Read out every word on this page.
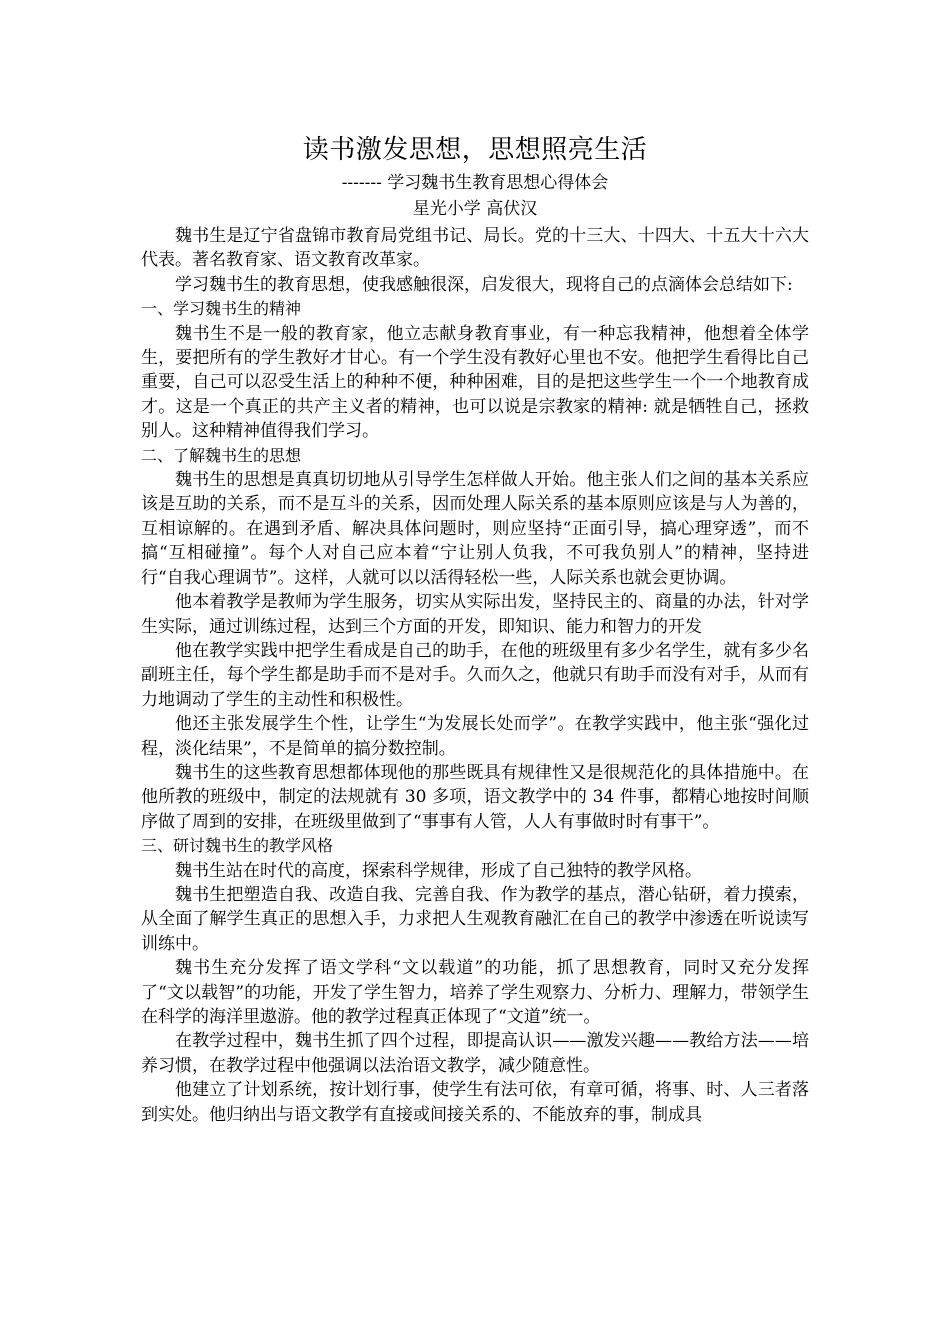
读书激发思想，思想照亮生活

------- 学习魏书生教育思想心得体会

星光小学 高伏汉

魏书生是辽宁省盘锦市教育局党组书记、局长。党的十三大、十四大、十五大十六大代表。著名教育家、语文教育改革家。

学习魏书生的教育思想，使我感触很深，启发很大，现将自己的点滴体会总结如下:

一、学习魏书生的精神

魏书生不是一般的教育家，他立志献身教育事业，有一种忘我精神，他想着全体学生，要把所有的学生教好才甘心。有一个学生没有教好心里也不安。他把学生看得比自己重要，自己可以忍受生活上的种种不便，种种困难，目的是把这些学生一个一个地教育成才。这是一个真正的共产主义者的精神，也可以说是宗教家的精神: 就是牺牲自己，拯救别人。这种精神值得我们学习。

二、了解魏书生的思想

魏书生的思想是真真切切地从引导学生怎样做人开始。他主张人们之间的基本关系应该是互助的关系，而不是互斗的关系，因而处理人际关系的基本原则应该是与人为善的，互相谅解的。在遇到矛盾、解决具体问题时，则应坚持“正面引导，搞心理穿透”，而不搞“互相碰撞”。每个人对自己应本着“宁让别人负我，不可我负别人”的精神，坚持进行“自我心理调节”。这样，人就可以以活得轻松一些，人际关系也就会更协调。

他本着教学是教师为学生服务，切实从实际出发，坚持民主的、商量的办法，针对学生实际，通过训练过程，达到三个方面的开发，即知识、能力和智力的开发

他在教学实践中把学生看成是自己的助手，在他的班级里有多少名学生，就有多少名副班主任，每个学生都是助手而不是对手。久而久之，他就只有助手而没有对手，从而有力地调动了学生的主动性和积极性。

他还主张发展学生个性，让学生“为发展长处而学”。在教学实践中，他主张“强化过程，淡化结果”，不是简单的搞分数控制。

魏书生的这些教育思想都体现他的那些既具有规律性又是很规范化的具体措施中。在他所教的班级中，制定的法规就有 30 多项，语文教学中的 34 件事，都精心地按时间顺序做了周到的安排，在班级里做到了“事事有人管，人人有事做时时有事干”。

三、研讨魏书生的教学风格

魏书生站在时代的高度，探索科学规律，形成了自己独特的教学风格。

魏书生把塑造自我、改造自我、完善自我、作为教学的基点，潜心钻研，着力摸索，从全面了解学生真正的思想入手，力求把人生观教育融汇在自己的教学中渗透在听说读写训练中。

魏书生充分发挥了语文学科“文以载道”的功能，抓了思想教育，同时又充分发挥了“文以载智”的功能，开发了学生智力，培养了学生观察力、分析力、理解力，带领学生在科学的海洋里遨游。他的教学过程真正体现了“文道”统一。

在教学过程中，魏书生抓了四个过程，即提高认识——激发兴趣——教给方法——培养习惯，在教学过程中他强调以法治语文教学，减少随意性。

他建立了计划系统，按计划行事，使学生有法可依，有章可循，将事、时、人三者落到实处。他归纳出与语文教学有直接或间接关系的、不能放弃的事，制成具
